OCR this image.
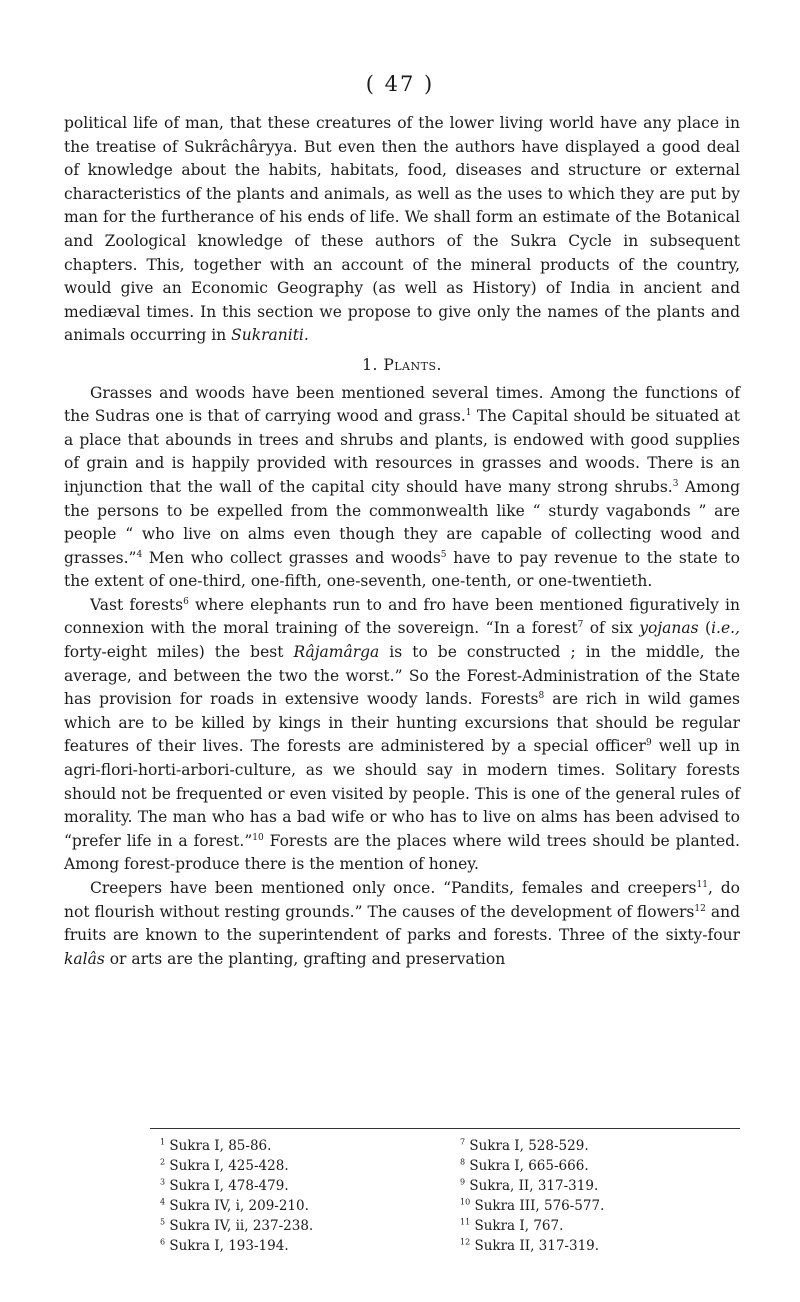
( 47 )

political life of man, that these creatures of the lower living world have any place in the treatise of Sukrâchâryya. But even then the authors have displayed a good deal of knowledge about the habits, habitats, food, diseases and structure or external characteristics of the plants and animals, as well as the uses to which they are put by man for the furtherance of his ends of life. We shall form an estimate of the Botanical and Zoological knowledge of these authors of the Sukra Cycle in subsequent chapters. This, together with an account of the mineral products of the country, would give an Economic Geography (as well as History) of India in ancient and mediæval times. In this section we propose to give only the names of the plants and animals occurring in Sukraniti.

1. Plants.

Grasses and woods have been mentioned several times. Among the functions of the Sudras one is that of carrying wood and grass.$^1$ The Capital should be situated at a place that abounds in trees and shrubs and plants, is endowed with good supplies of grain and is happily provided with resources in grasses and woods. There is an injunction that the wall of the capital city should have many strong shrubs.$^3$ Among the persons to be expelled from the commonwealth like “ sturdy vagabonds ” are people “ who live on alms even though they are capable of collecting wood and grasses.”$^4$ Men who collect grasses and woods$^5$ have to pay revenue to the state to the extent of one-third, one-fifth, one-seventh, one-tenth, or one-twentieth.

Vast forests$^6$ where elephants run to and fro have been mentioned figuratively in connexion with the moral training of the sovereign. “In a forest$^7$ of six yojanas (i.e., forty-eight miles) the best Râjamârga is to be constructed ; in the middle, the average, and between the two the worst.” So the Forest-Administration of the State has provision for roads in extensive woody lands. Forests$^8$ are rich in wild games which are to be killed by kings in their hunting excursions that should be regular features of their lives. The forests are administered by a special officer$^9$ well up in agri-flori-horti-arbori-culture, as we should say in modern times. Solitary forests should not be frequented or even visited by people. This is one of the general rules of morality. The man who has a bad wife or who has to live on alms has been advised to “prefer life in a forest.”$^{10}$ Forests are the places where wild trees should be planted. Among forest-produce there is the mention of honey.

Creepers have been mentioned only once. “Pandits, females and creepers$^{11}$, do not flourish without resting grounds.” The causes of the development of flowers$^{12}$ and fruits are known to the superintendent of parks and forests. Three of the sixty-four kalâs or arts are the planting, grafting and preservation

$^1$ Sukra I, 85-86.
$^2$ Sukra I, 425-428.
$^3$ Sukra I, 478-479.
$^4$ Sukra IV, i, 209-210.
$^5$ Sukra IV, ii, 237-238.
$^6$ Sukra I, 193-194.
$^7$ Sukra I, 528-529.
$^8$ Sukra I, 665-666.
$^9$ Sukra, II, 317-319.
$^{10}$ Sukra III, 576-577.
$^{11}$ Sukra I, 767.
$^{12}$ Sukra II, 317-319.
